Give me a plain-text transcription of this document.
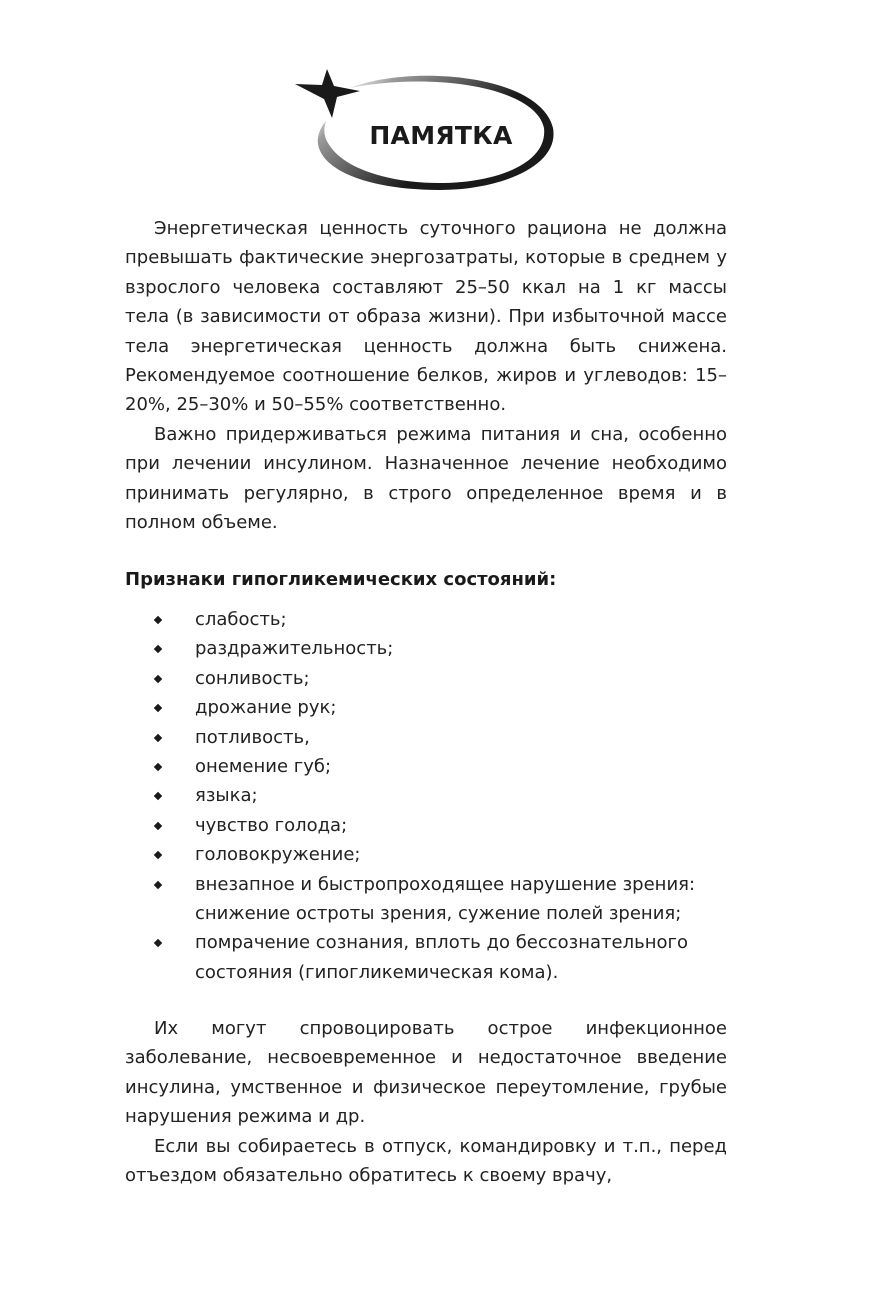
ПАМЯТКА

Энергетическая ценность суточного рациона не должна превышать фактические энергозатраты, которые в среднем у взрослого человека составляют 25–50 ккал на 1 кг массы тела (в зависимости от образа жизни). При избыточной массе тела энергетическая ценность должна быть снижена. Рекомендуемое соотношение белков, жиров и углеводов: 15–20%, 25–30% и 50–55% соответственно.

Важно придерживаться режима питания и сна, особенно при лечении инсулином. Назначенное лечение необходимо принимать регулярно, в строго определенное время и в полном объеме.

Признаки гипогликемических состояний:
слабость;
раздражительность;
сонливость;
дрожание рук;
потливость,
онемение губ;
языка;
чувство голода;
головокружение;
внезапное и быстропроходящее нарушение зрения: снижение остроты зрения, сужение полей зрения;
помрачение сознания, вплоть до бессознательного состояния (гипогликемическая кома).

Их могут спровоцировать острое инфекционное заболевание, несвоевременное и недостаточное введение инсулина, умственное и физическое переутомление, грубые нарушения режима и др.

Если вы собираетесь в отпуск, командировку и т.п., перед отъездом обязательно обратитесь к своему врачу,
